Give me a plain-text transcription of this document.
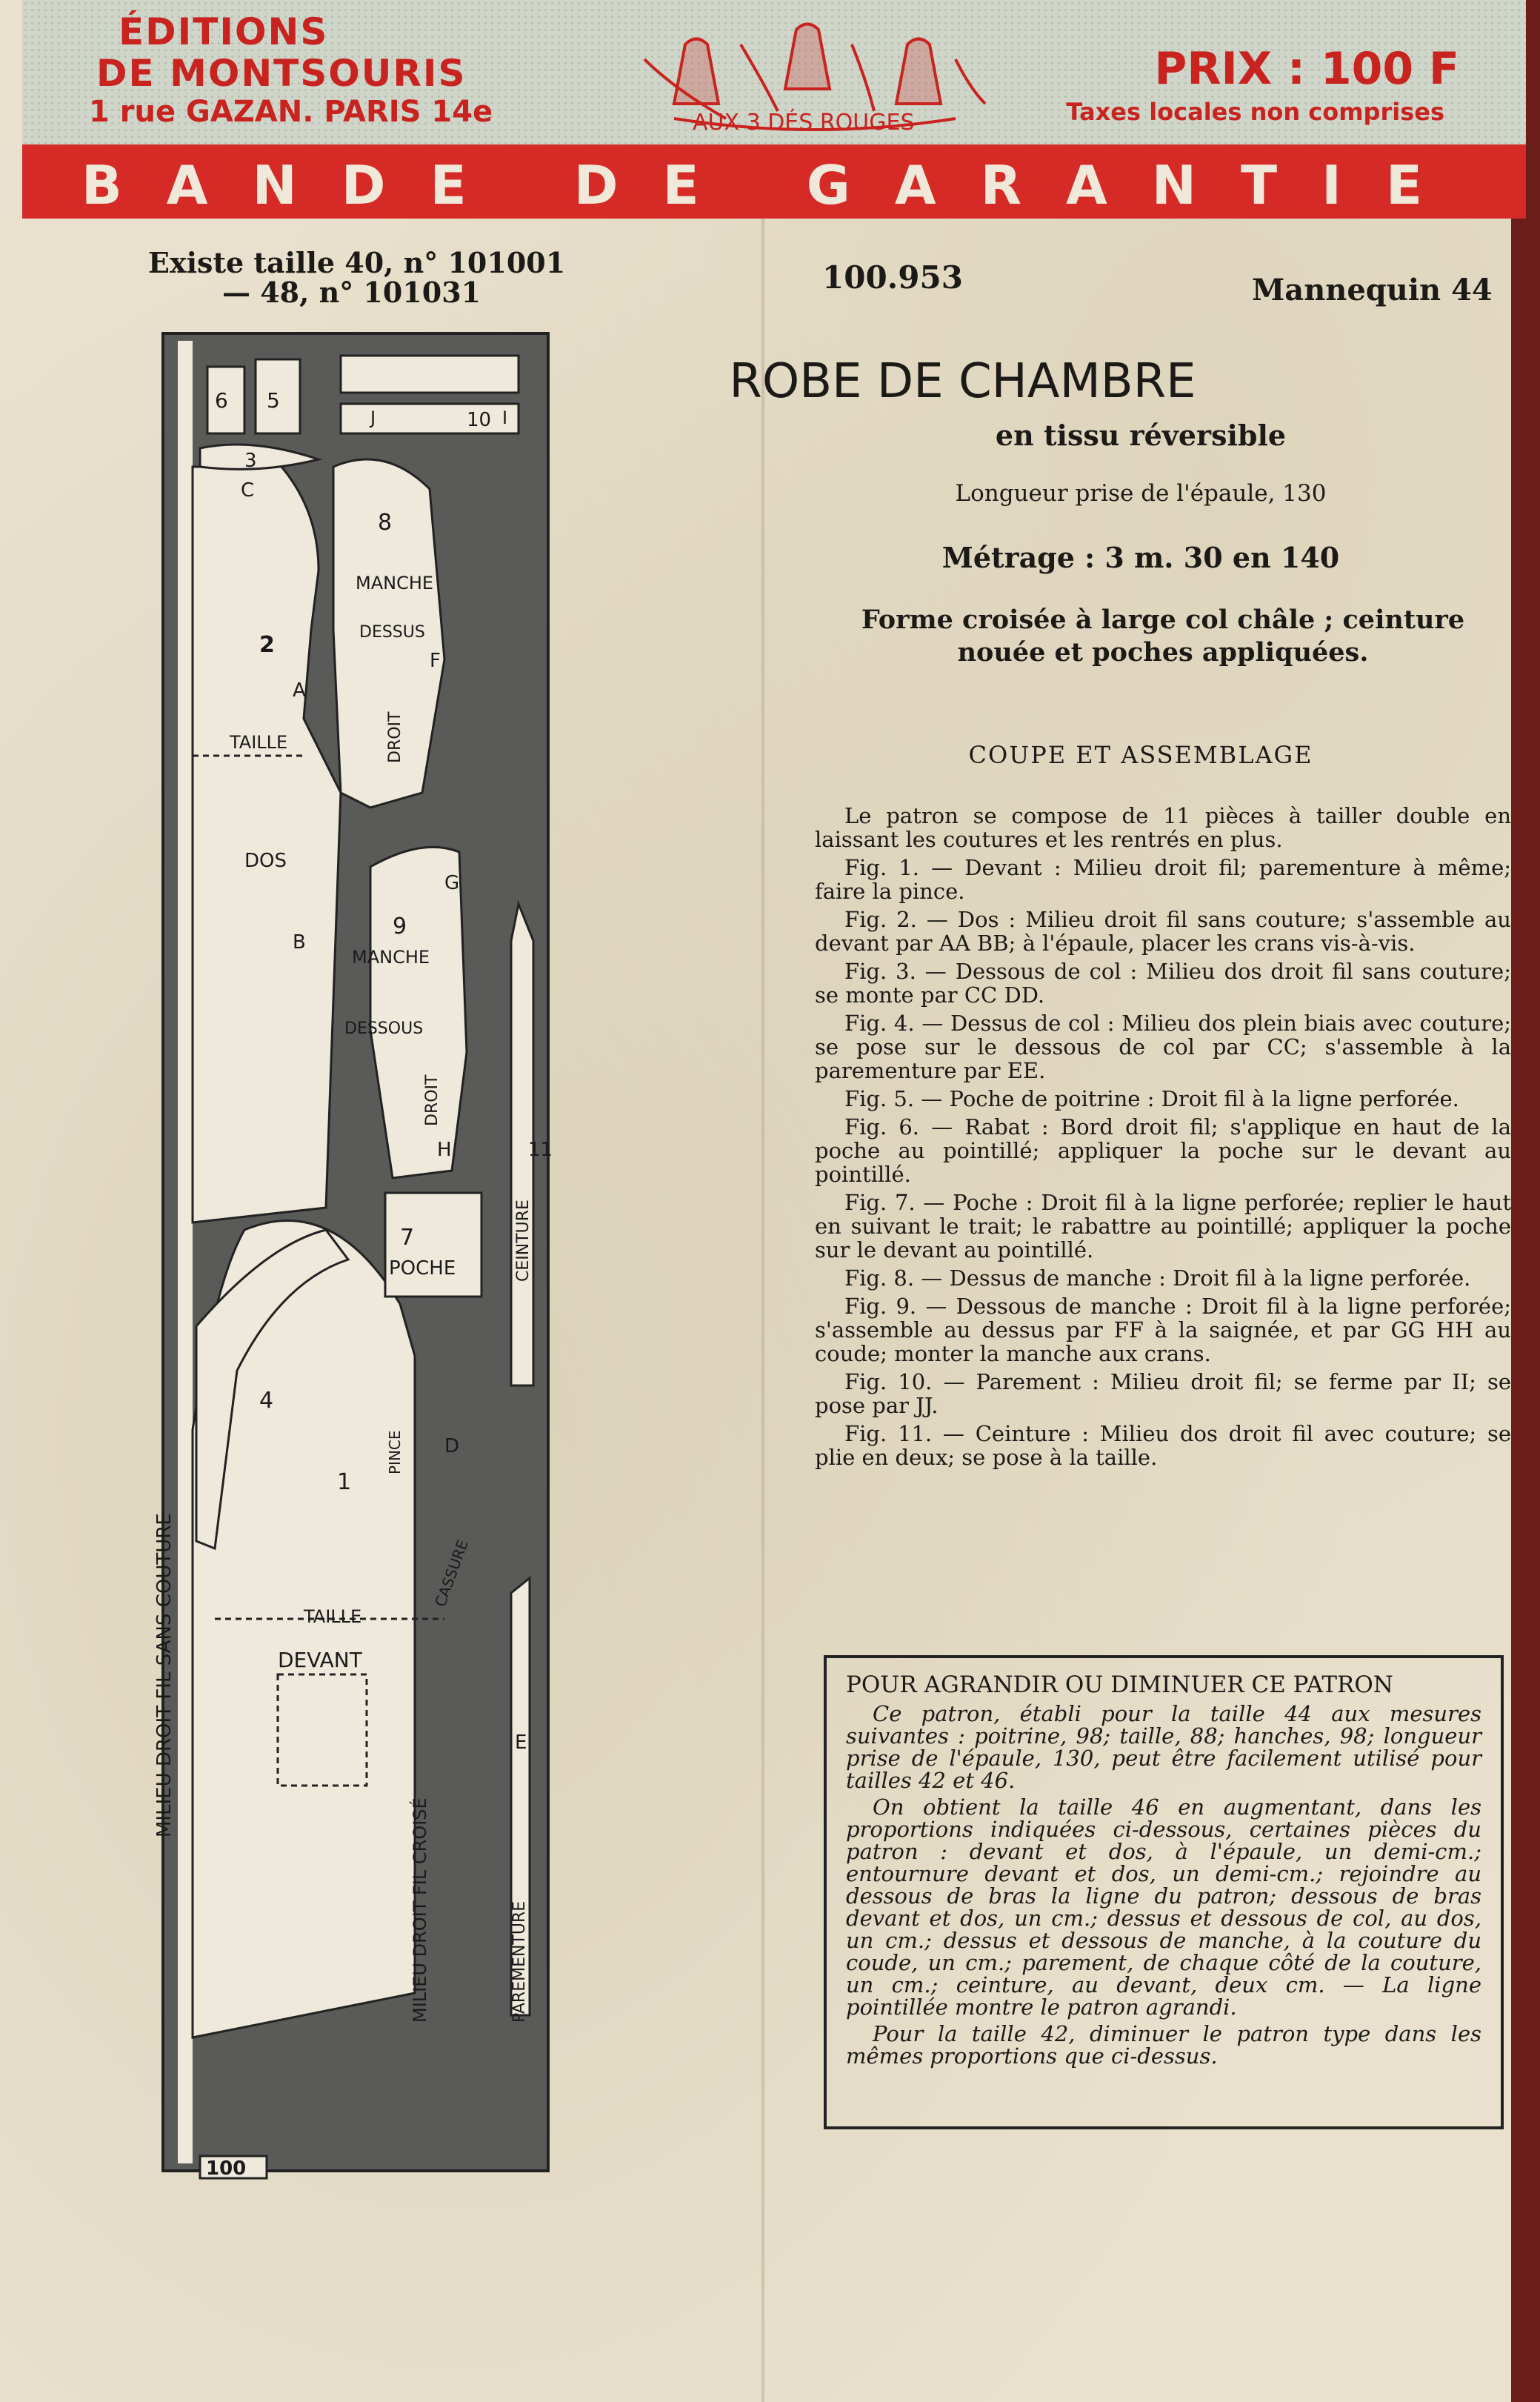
ÉDITIONS
DE MONTSOURIS
1 rue GAZAN. PARIS 14e	AUX 3 DÉS ROUGES
PRIX : 100 F
Taxes locales non comprises
BANDE DE GARANTIE
Existe taille 40, n° 101001
— 48, n° 101031	100.953	Mannequin 44
ROBE DE CHAMBRE
en tissu réversible
Longueur prise de l'épaule, 130
Métrage : 3 m. 30 en 140
Forme croisée à large col châle ; ceinture nouée et poches appliquées.
COUPE ET ASSEMBLAGE

Le patron se compose de 11 pièces à tailler double en laissant les coutures et les rentrés en plus.

Fig. 1. — Devant : Milieu droit fil; parementure à même; faire la pince.

Fig. 2. — Dos : Milieu droit fil sans couture; s'assemble au devant par AA BB; à l'épaule, placer les crans vis-à-vis.

Fig. 3. — Dessous de col : Milieu dos droit fil sans couture; se monte par CC DD.

Fig. 4. — Dessus de col : Milieu dos plein biais avec couture; se pose sur le dessous de col par CC; s'assemble à la parementure par EE.

Fig. 5. — Poche de poitrine : Droit fil à la ligne perforée.

Fig. 6. — Rabat : Bord droit fil; s'applique en haut de la poche au pointillé; appliquer la poche sur le devant au pointillé.

Fig. 7. — Poche : Droit fil à la ligne perforée; replier le haut en suivant le trait; le rabattre au pointillé; appliquer la poche sur le devant au pointillé.

Fig. 8. — Dessus de manche : Droit fil à la ligne perforée.

Fig. 9. — Dessous de manche : Droit fil à la ligne perforée; s'assemble au dessus par FF à la saignée, et par GG HH au coude; monter la manche aux crans.

Fig. 10. — Parement : Milieu droit fil; se ferme par II; se pose par JJ.

Fig. 11. — Ceinture : Milieu dos droit fil avec couture; se plie en deux; se pose à la taille.

POUR AGRANDIR OU DIMINUER CE PATRON

Ce patron, établi pour la taille 44 aux mesures suivantes : poitrine, 98; taille, 88; hanches, 98; longueur prise de l'épaule, 130, peut être facilement utilisé pour tailles 42 et 46.

On obtient la taille 46 en augmentant, dans les proportions indiquées ci-dessous, certaines pièces du patron : devant et dos, à l'épaule, un demi-cm.; entournure devant et dos, un demi-cm.; rejoindre au dessous de bras la ligne du patron; dessous de bras devant et dos, un cm.; dessus et dessous de col, au dos, un cm.; dessus et dessous de manche, à la couture du coude, un cm.; parement, de chaque côté de la couture, un cm.; ceinture, au devant, deux cm. — La ligne pointillée montre le patron agrandi.

Pour la taille 42, diminuer le patron type dans les mêmes proportions que ci-dessus.

MILIEU DROIT FIL SANS COUTURE
TAILLE
DOS
MANCHE
DESSUS
DROIT
MANCHE
DESSOUS
DROIT
POCHE	CEINTURE
TAILLE
DEVANT
PINCE
CASSURE
MILIEU DROIT FIL CROISÉ	PAREMENTURE
100
2
1
8
9
7
4
6 5
3
10
11
A
B
C
D
E
F
G
H
I
J
